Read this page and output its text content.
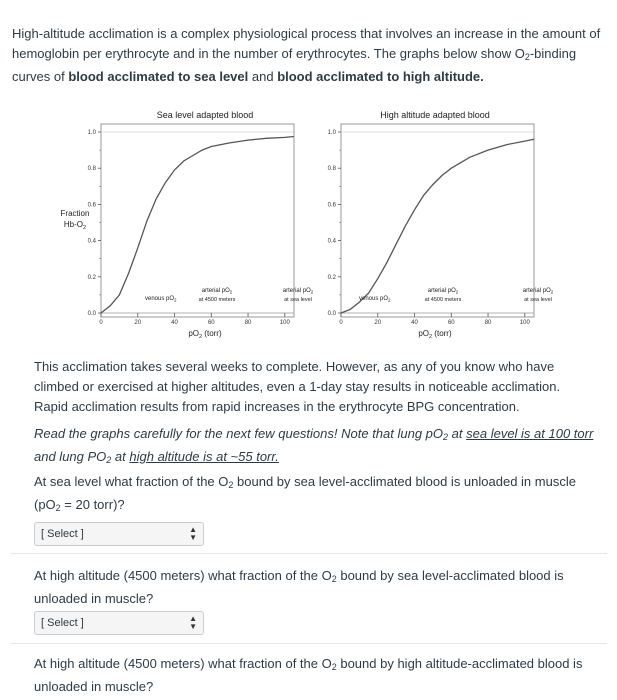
High-altitude acclimation is a complex physiological process that involves an increase in the amount of hemoglobin per erythrocyte and in the number of erythrocytes. The graphs below show $O_2$-binding curves of blood acclimated to sea level and blood acclimated to high altitude.
Sea level adapted blood
1.0
0.8
0.6
0.4
0.2
0.0
0	20	40	60	80	100
venous $pO_2$
arterial $pO_2$
at 4500 meters
arterial $pO_2$
at sea level
$pO_2$ (torr)
Fraction
$Hb-O_2$
High altitude adapted blood
1.0
0.8
0.6
0.4
0.2
0.0
0	20	40	60	80	100
venous $pO_2$
arterial $pO_2$
at 4500 meters
arterial $pO_2$
at sea level
$pO_2$ (torr)
This acclimation takes several weeks to complete. However, as any of you know who have climbed or exercised at higher altitudes, even a 1-day stay results in noticeable acclimation. Rapid acclimation results from rapid increases in the erythrocyte BPG concentration.
Read the graphs carefully for the next few questions! Note that lung $pO_2$ at sea level is at 100 torr and lung $PO_2$ at high altitude is at ~55 torr.
At sea level what fraction of the $O_2$ bound by sea level-acclimated blood is unloaded in muscle ($pO_2 = 20$ torr)?
[ Select ]	▲
▼
At high altitude (4500 meters) what fraction of the $O_2$ bound by sea level-acclimated blood is unloaded in muscle?
[ Select ]	▲
▼
At high altitude (4500 meters) what fraction of the $O_2$ bound by high altitude-acclimated blood is unloaded in muscle?
